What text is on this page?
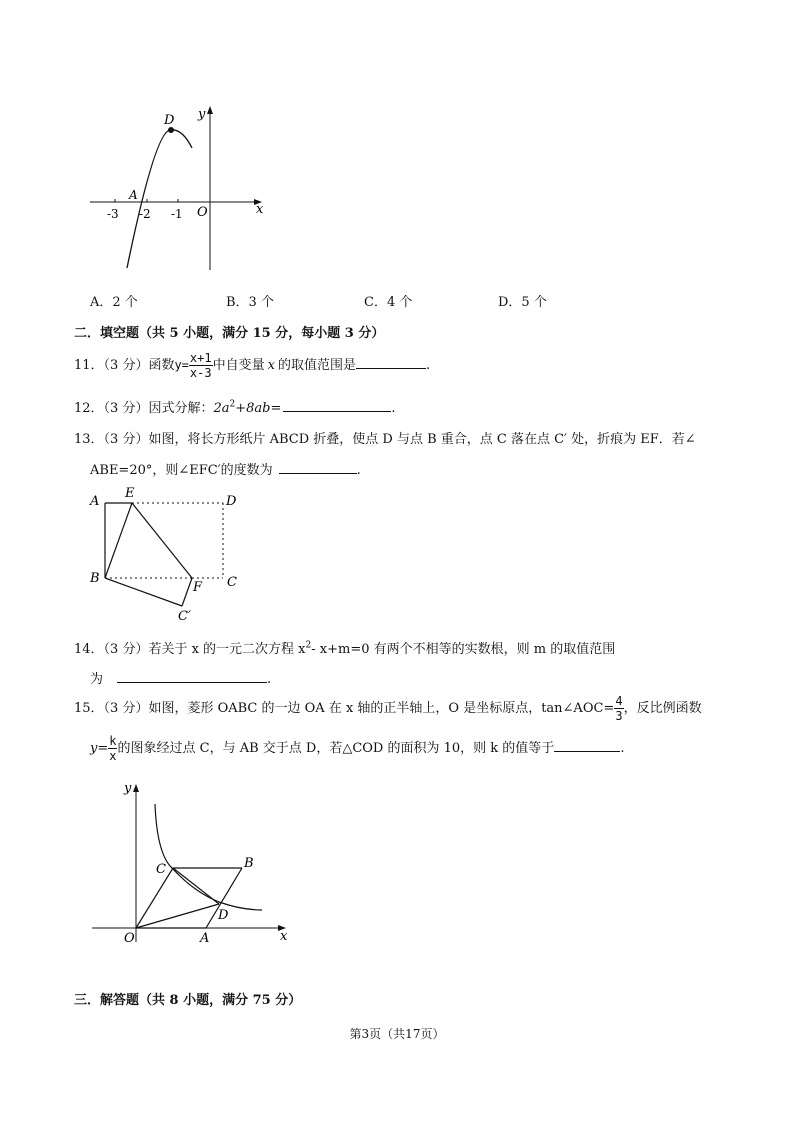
D
A
-3 -2 -1 O	x
y
A．2 个	B．3 个	C．4 个	D．5 个
二．填空题（共 5 小题，满分 15 分，每小题 3 分）
11．（3 分）函数$y= \frac{x+1}{x-3}$ 中自变量 x 的取值范围是	.
12．（3 分）因式分解：$2a^2+8ab=$	.
13．（3 分）如图，将长方形纸片 ABCD 折叠，使点 D 与点 B 重合，点 C 落在点 C′ 处，折痕为 EF．若∠
ABE=20°，则∠EFC′的度数为	.
A
E
D
B
F C
C′
14．（3 分）若关于 x 的一元二次方程 $x^2-$ x+m=0 有两个不相等的实数根，则 m 的取值范围
为	.
15．（3 分）如图，菱形 OABC 的一边 OA 在 x 轴的正半轴上，O 是坐标原点，tan∠AOC= $\frac{4}{3}$ ，反比例函数
$y= \frac{k}{x}$ 的图象经过点 C，与 AB 交于点 D，若△COD 的面积为 10，则 k 的值等于	.
O	A
B
C
D
x
y
三．解答题（共 8 小题，满分 75 分）
第3页（共17页）
